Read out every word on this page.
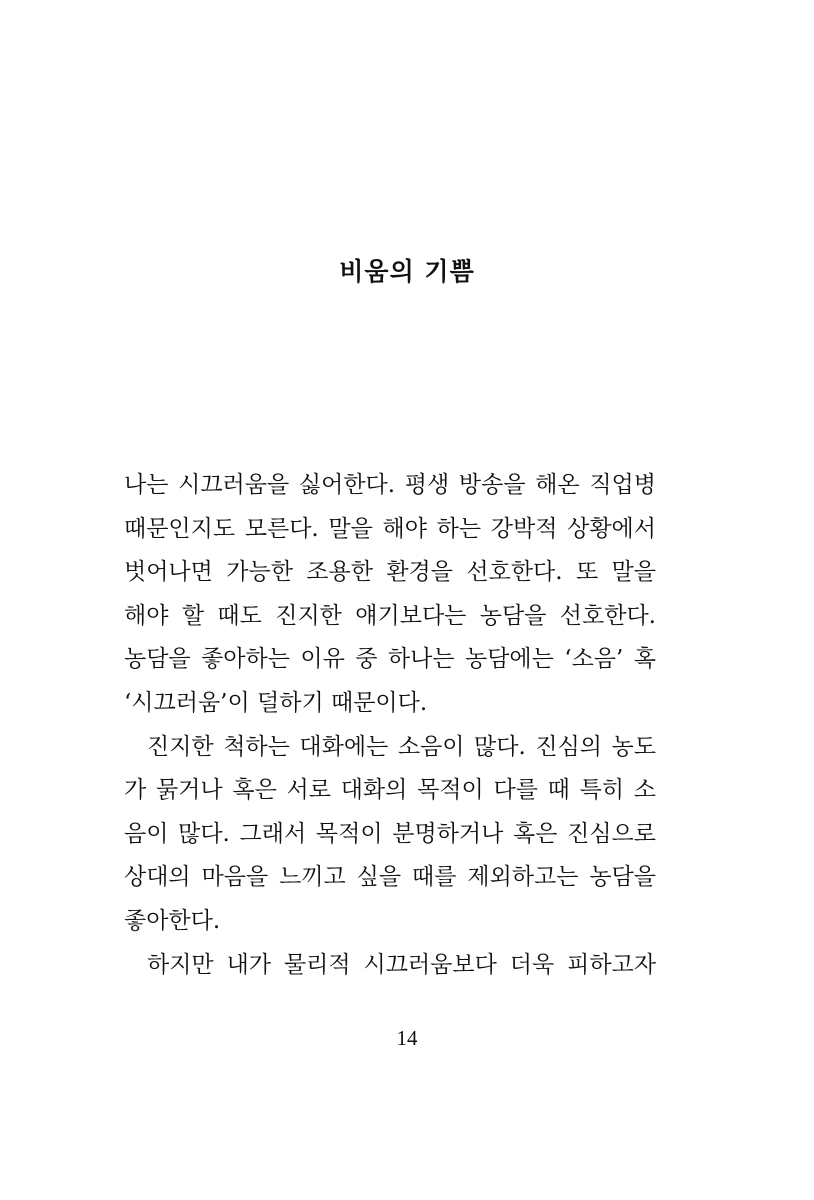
비움의 기쁨
나는 시끄러움을 싫어한다. 평생 방송을 해온 직업병
때문인지도 모른다. 말을 해야 하는 강박적 상황에서
벗어나면 가능한 조용한 환경을 선호한다. 또 말을
해야 할 때도 진지한 얘기보다는 농담을 선호한다.
농담을 좋아하는 이유 중 하나는 농담에는 ‘소음’ 혹
‘시끄러움’이 덜하기 때문이다.
진지한 척하는 대화에는 소음이 많다. 진심의 농도
가 묽거나 혹은 서로 대화의 목적이 다를 때 특히 소
음이 많다. 그래서 목적이 분명하거나 혹은 진심으로
상대의 마음을 느끼고 싶을 때를 제외하고는 농담을
좋아한다.
하지만 내가 물리적 시끄러움보다 더욱 피하고자
14
